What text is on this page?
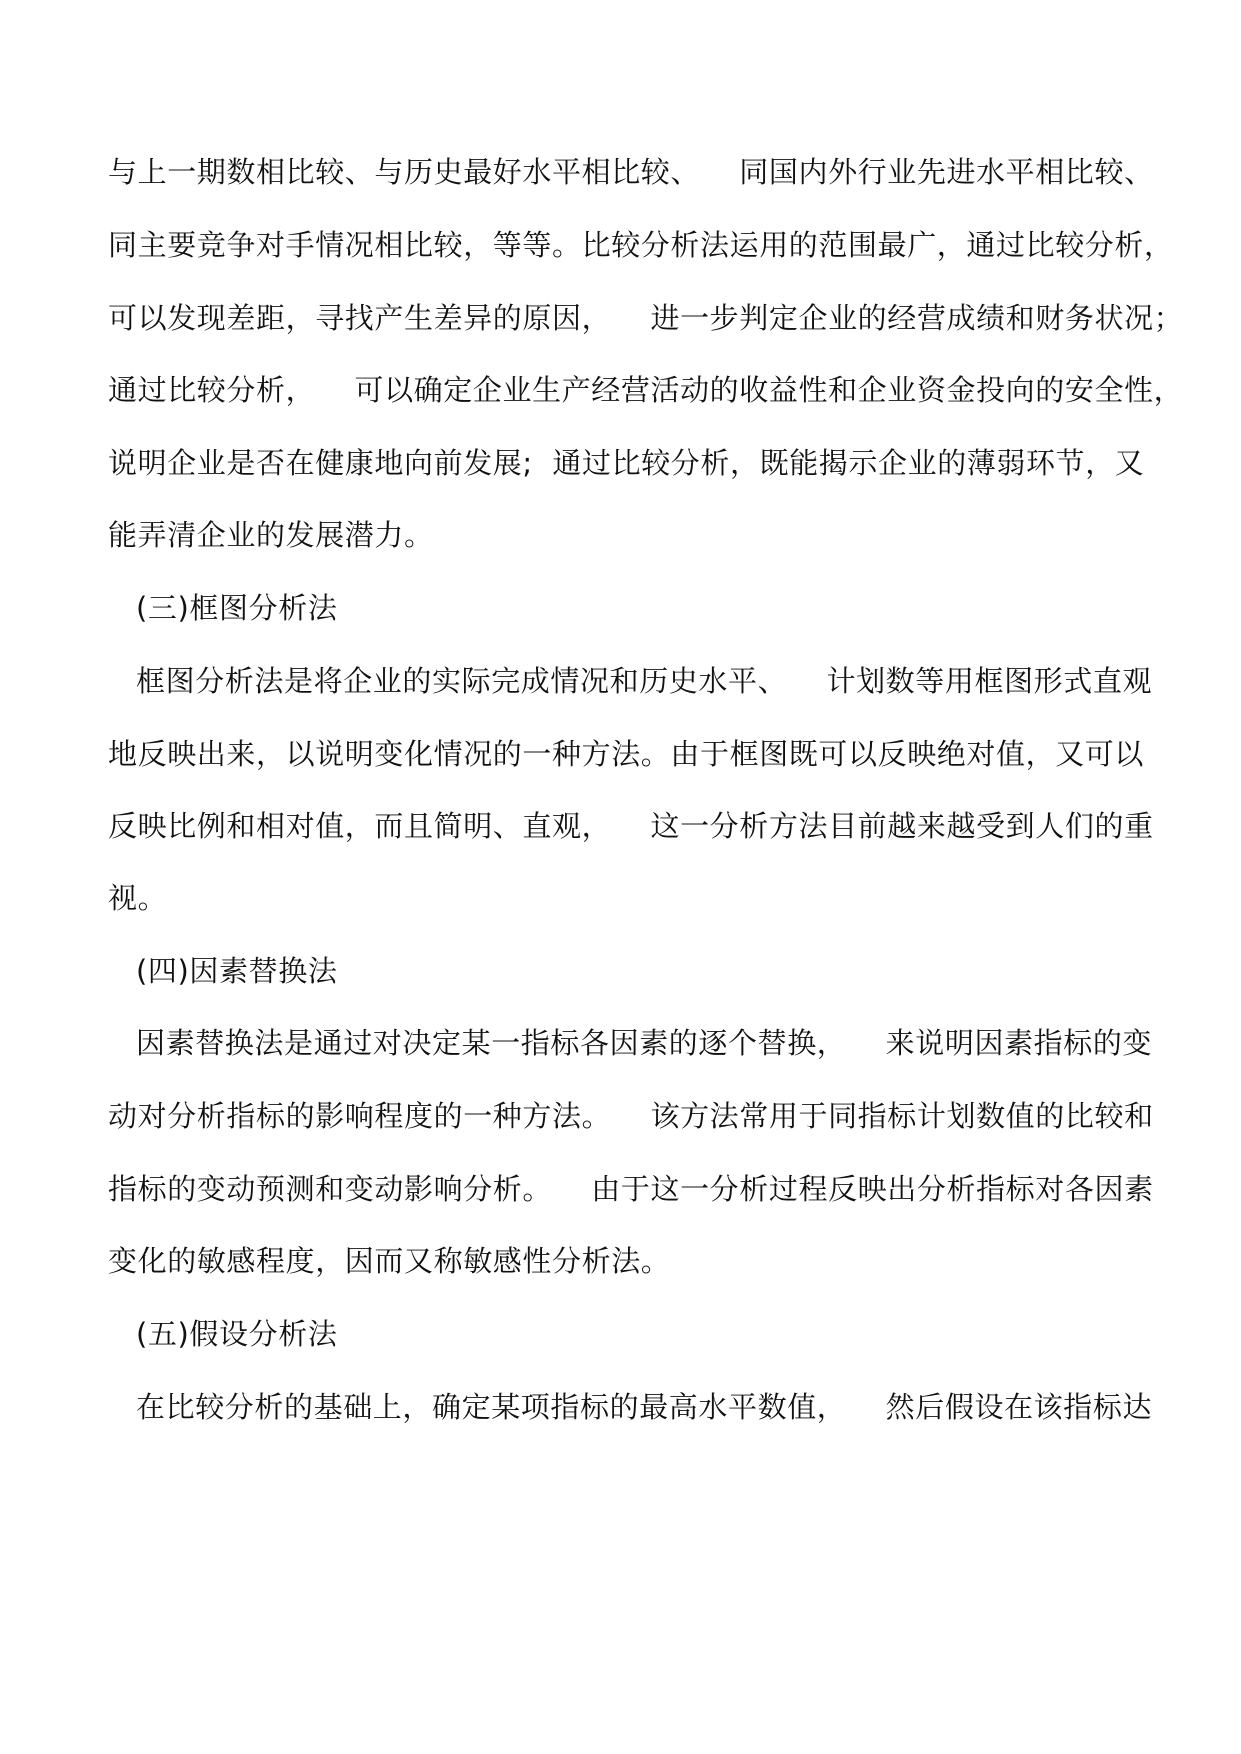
与上一期数相比较、与历史最好水平相比较、    同国内外行业先进水平相比较、

同主要竞争对手情况相比较，等等。比较分析法运用的范围最广，通过比较分析，

可以发现差距，寻找产生差异的原因，    进一步判定企业的经营成绩和财务状况；

通过比较分析，    可以确定企业生产经营活动的收益性和企业资金投向的安全性，

说明企业是否在健康地向前发展;  通过比较分析，既能揭示企业的薄弱环节，又

能弄清企业的发展潜力。

(三)框图分析法

框图分析法是将企业的实际完成情况和历史水平、    计划数等用框图形式直观

地反映出来，以说明变化情况的一种方法。由于框图既可以反映绝对值，又可以

反映比例和相对值，而且简明、直观，    这一分析方法目前越来越受到人们的重

视。

(四)因素替换法

因素替换法是通过对决定某一指标各因素的逐个替换，    来说明因素指标的变

动对分析指标的影响程度的一种方法。    该方法常用于同指标计划数值的比较和

指标的变动预测和变动影响分析。    由于这一分析过程反映出分析指标对各因素

变化的敏感程度，因而又称敏感性分析法。

(五)假设分析法

在比较分析的基础上，确定某项指标的最高水平数值，    然后假设在该指标达
